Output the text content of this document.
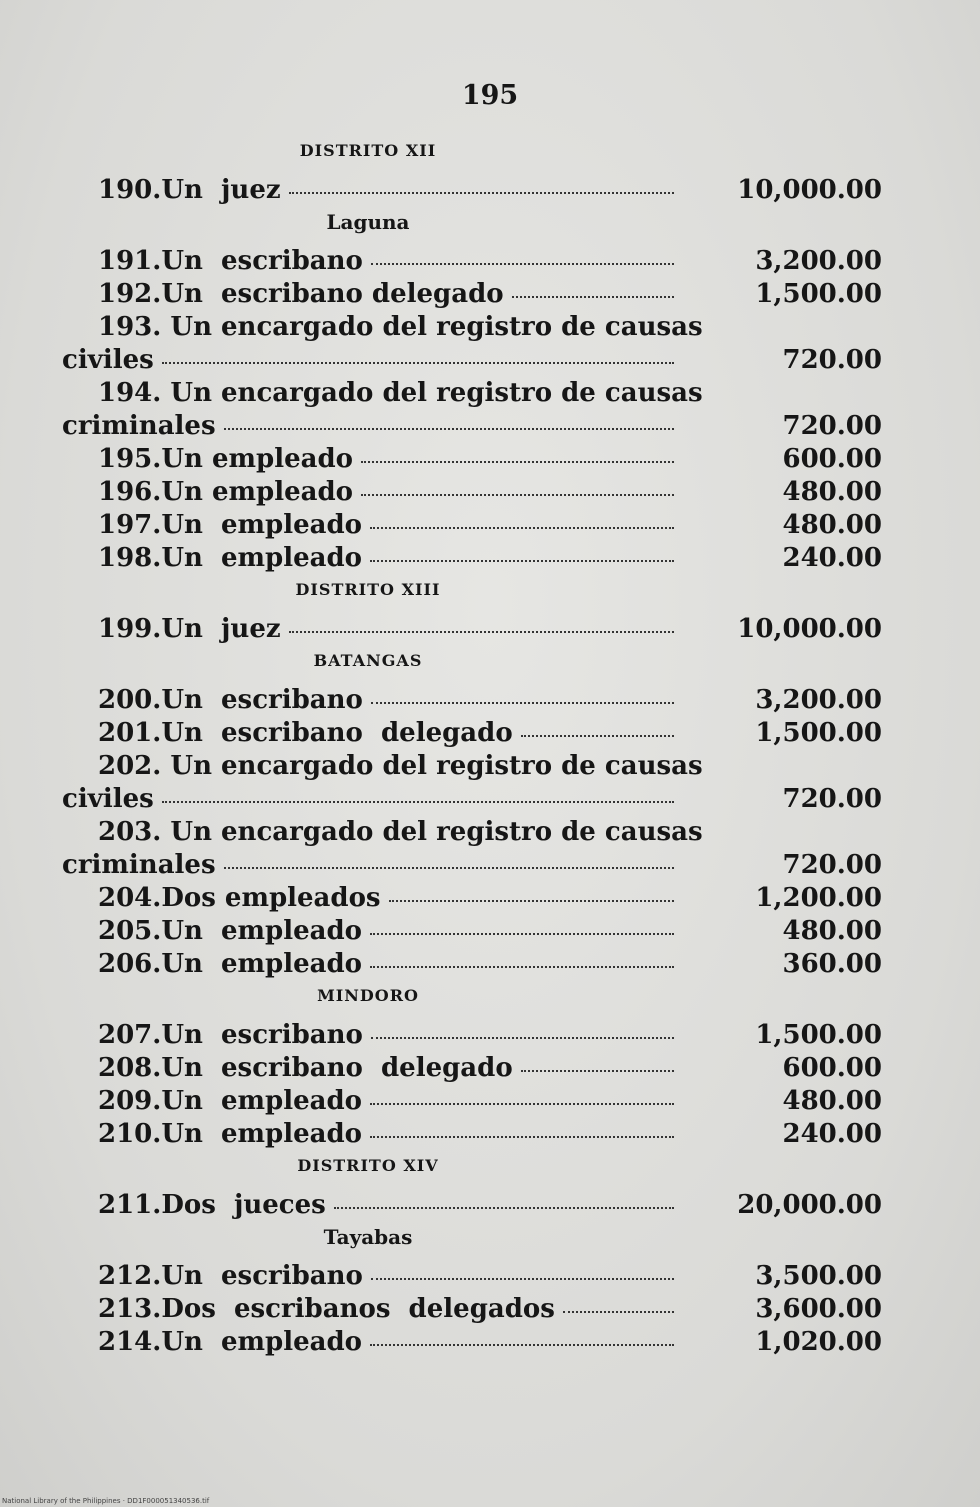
195
DISTRITO XII
190. Un  juez	10,000.00
Laguna
191. Un  escribano	3,200.00
192. Un  escribano delegado	1,500.00
193. Un encargado del registro de causas
civiles	720.00
194. Un encargado del registro de causas
criminales	720.00
195. Un empleado	600.00
196. Un empleado	480.00
197. Un  empleado	480.00
198. Un  empleado	240.00
DISTRITO XIII
199. Un  juez	10,000.00
BATANGAS
200. Un  escribano	3,200.00
201. Un  escribano  delegado	1,500.00
202. Un encargado del registro de causas
civiles	720.00
203. Un encargado del registro de causas
criminales	720.00
204. Dos empleados	1,200.00
205. Un  empleado	480.00
206. Un  empleado	360.00
MINDORO
207. Un  escribano	1,500.00
208. Un  escribano  delegado	600.00
209. Un  empleado	480.00
210. Un  empleado	240.00
DISTRITO XIV
211. Dos  jueces	20,000.00
Tayabas
212. Un  escribano	3,500.00
213. Dos  escribanos  delegados	3,600.00
214. Un  empleado	1,020.00
National Library of the Philippines · DD1F000051340536.tif
